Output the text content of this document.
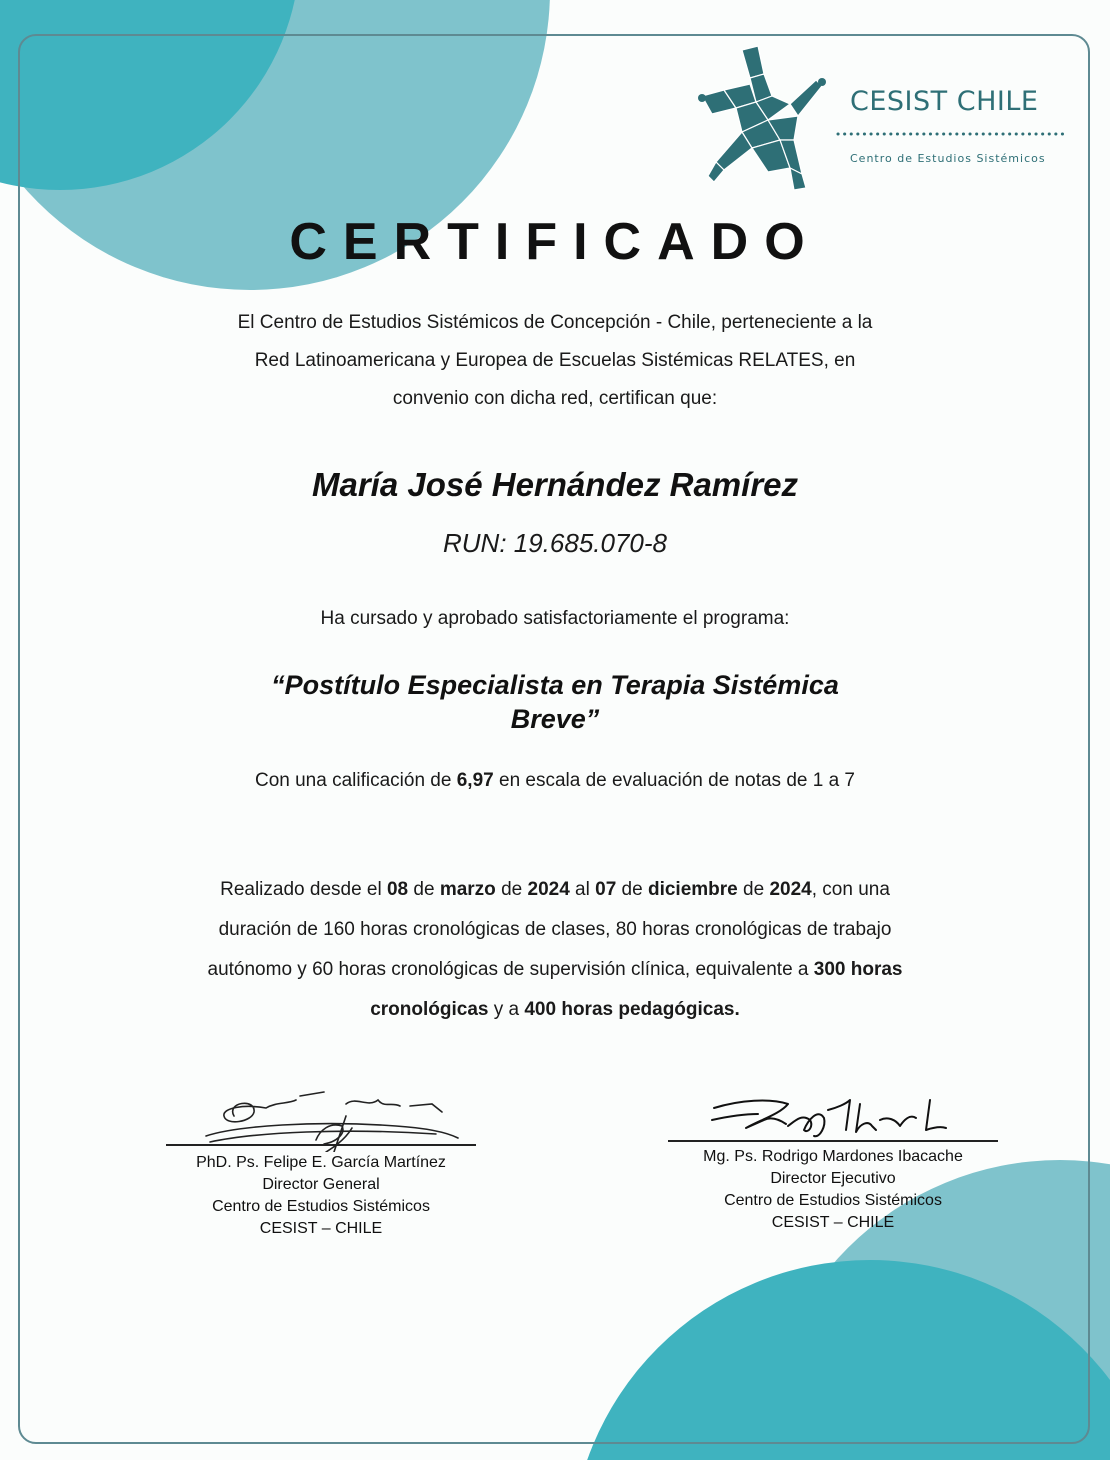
CESIST CHILE
Centro de Estudios Sistémicos
CERTIFICADO
El Centro de Estudios Sistémicos de Concepción - Chile, perteneciente a la
Red Latinoamericana y Europea de Escuelas Sistémicas RELATES, en
convenio con dicha red, certifican que:
María José Hernández Ramírez
RUN: 19.685.070-8
Ha cursado y aprobado satisfactoriamente el programa:
“Postítulo Especialista en Terapia Sistémica
Breve”
Con una calificación de 6,97 en escala de evaluación de notas de 1 a 7
Realizado desde el 08 de marzo de 2024 al 07 de diciembre de 2024, con una
duración de 160 horas cronológicas de clases, 80 horas cronológicas de trabajo
autónomo y 60 horas cronológicas de supervisión clínica, equivalente a 300 horas
cronológicas y a 400 horas pedagógicas.
PhD. Ps. Felipe E. García Martínez
Director General
Centro de Estudios Sistémicos
CESIST – CHILE
Mg. Ps. Rodrigo Mardones Ibacache
Director Ejecutivo
Centro de Estudios Sistémicos
CESIST – CHILE
